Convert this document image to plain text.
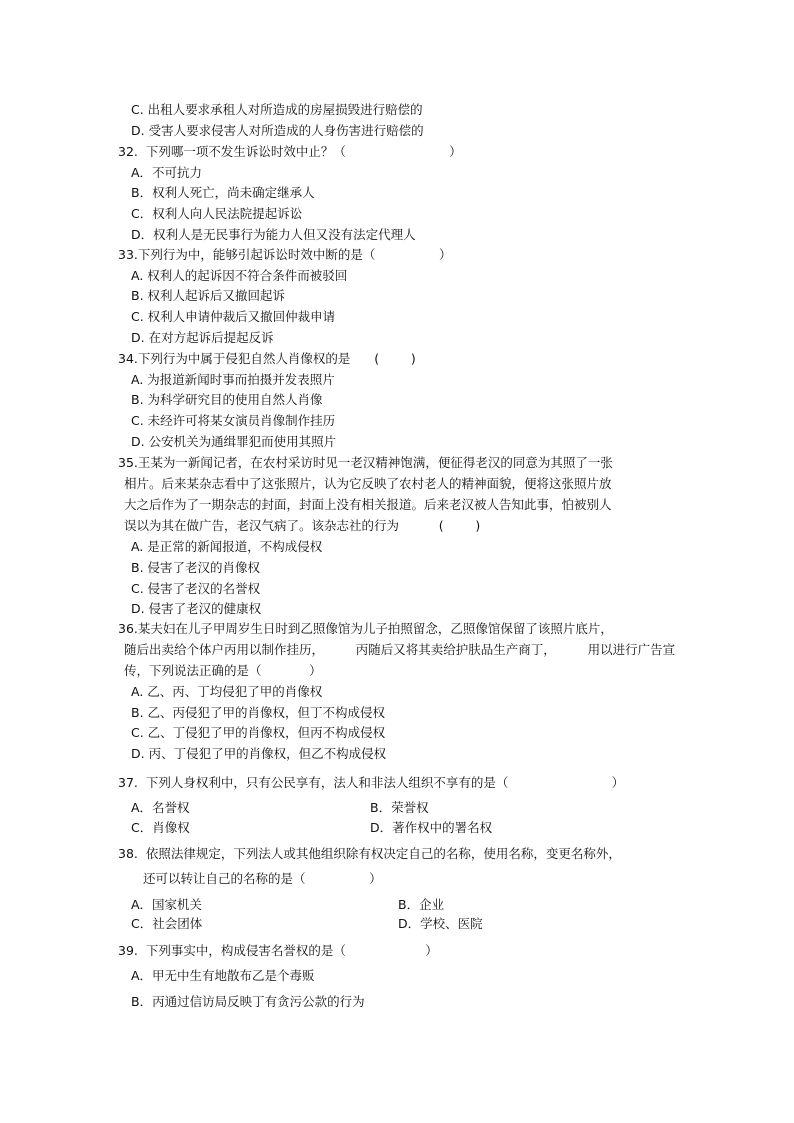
C. 出租人要求承租人对所造成的房屋损毁进行赔偿的
D. 受害人要求侵害人对所造成的人身伤害进行赔偿的
32.  下列哪一项不发生诉讼时效中止？（                          ）
A．不可抗力
B．权利人死亡，尚未确定继承人
C．权利人向人民法院提起诉讼
D．权利人是无民事行为能力人但又没有法定代理人
33.下列行为中，能够引起诉讼时效中断的是（                ）
A. 权利人的起诉因不符合条件而被驳回
B. 权利人起诉后又撤回起诉
C. 权利人申请仲裁后又撤回仲裁申请
D. 在对方起诉后提起反诉
34.下列行为中属于侵犯自然人肖像权的是      (        )
A. 为报道新闻时事而拍摄并发表照片
B. 为科学研究目的使用自然人肖像
C. 未经许可将某女演员肖像制作挂历
D. 公安机关为通缉罪犯而使用其照片
35.王某为一新闻记者，在农村采访时见一老汉精神饱满，便征得老汉的同意为其照了一张
相片。后来某杂志看中了这张照片，认为它反映了农村老人的精神面貌，便将这张照片放
大之后作为了一期杂志的封面，封面上没有相关报道。后来老汉被人告知此事，怕被别人
误以为其在做广告，老汉气病了。该杂志社的行为          (        )
A. 是正常的新闻报道，不构成侵权
B. 侵害了老汉的肖像权
C. 侵害了老汉的名誉权
D. 侵害了老汉的健康权
36.某夫妇在儿子甲周岁生日时到乙照像馆为儿子拍照留念，乙照像馆保留了该照片底片，
随后出卖给个体户丙用以制作挂历，        丙随后又将其卖给护肤品生产商丁，        用以进行广告宣
传，下列说法正确的是（            ）
A. 乙、丙、丁均侵犯了甲的肖像权
B. 乙、丙侵犯了甲的肖像权，但丁不构成侵权
C. 乙、丁侵犯了甲的肖像权，但丙不构成侵权
D. 丙、丁侵犯了甲的肖像权，但乙不构成侵权
37.  下列人身权利中，只有公民享有，法人和非法人组织不享有的是（                          ）
A．名誉权	B．荣誉权
C．肖像权	D．著作权中的署名权
38.  依照法律规定，下列法人或其他组织除有权决定自己的名称，使用名称，变更名称外，
还可以转让自己的名称的是（                ）
A．国家机关	B．企业
C．社会团体	D．学校、医院
39.  下列事实中，构成侵害名誉权的是（                    ）
A．甲无中生有地散布乙是个毒贩
B．丙通过信访局反映丁有贪污公款的行为
